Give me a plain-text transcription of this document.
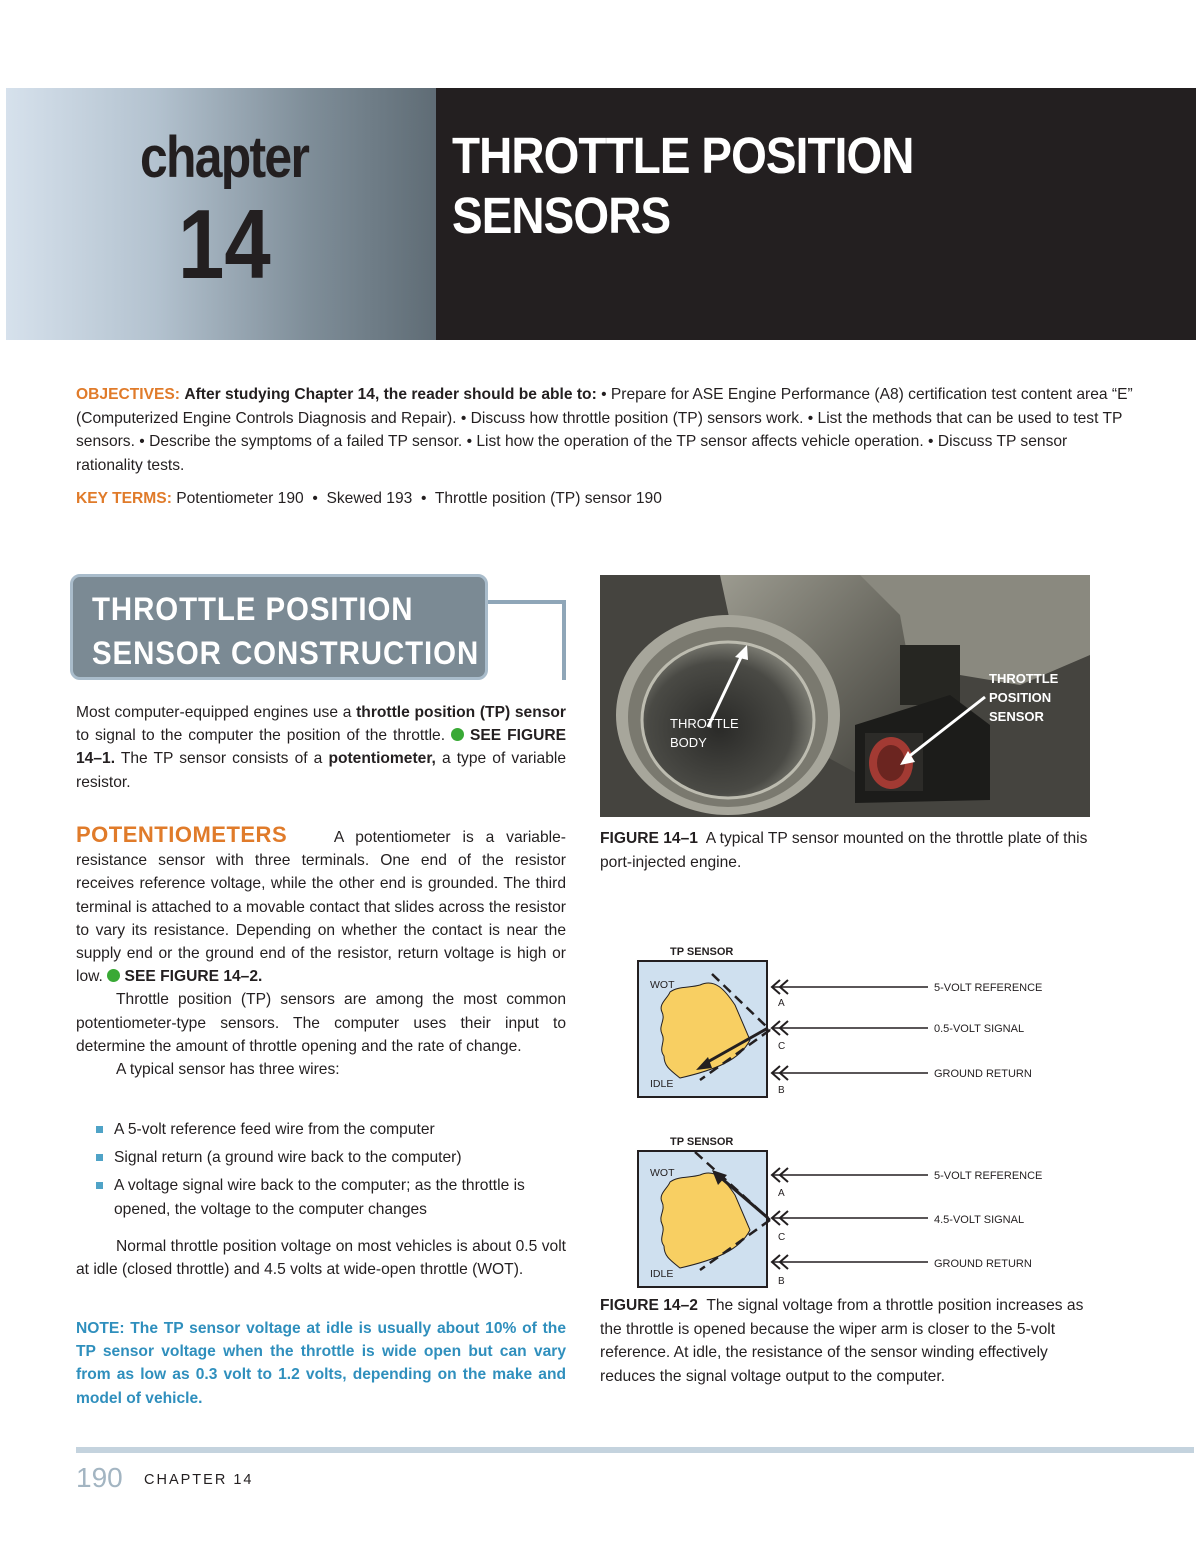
chapter
14
THROTTLE POSITION
SENSORS
OBJECTIVES: After studying Chapter 14, the reader should be able to: • Prepare for ASE Engine Performance (A8) certification test content area “E” (Computerized Engine Controls Diagnosis and Repair). • Discuss how throttle position (TP) sensors work. • List the methods that can be used to test TP sensors. • Describe the symptoms of a failed TP sensor. • List how the operation of the TP sensor affects vehicle operation. • Discuss TP sensor rationality tests.
KEY TERMS: Potentiometer 190  •  Skewed 193  •  Throttle position (TP) sensor 190
THROTTLE POSITION
SENSOR CONSTRUCTION
Most computer-equipped engines use a throttle position (TP) sensor to signal to the computer the position of the throttle.  SEE FIGURE 14–1. The TP sensor consists of a potentiometer, a type of variable resistor.
POTENTIOMETERS	A potentiometer is a variable-resistance sensor with three terminals. One end of the resistor receives reference voltage, while the other end is grounded. The third terminal is attached to a movable contact that slides across the resistor to vary its resistance. Depending on whether the contact is near the supply end or the ground end of the resistor, return voltage is high or low.  SEE FIGURE 14–2.
Throttle position (TP) sensors are among the most common potentiometer-type sensors. The computer uses their input to determine the amount of throttle opening and the rate of change.
A typical sensor has three wires:
A 5-volt reference feed wire from the computer
Signal return (a ground wire back to the computer)
A voltage signal wire back to the computer; as the throttle is opened, the voltage to the computer changes
Normal throttle position voltage on most vehicles is about 0.5 volt at idle (closed throttle) and 4.5 volts at wide-open throttle (WOT).
NOTE: The TP sensor voltage at idle is usually about 10% of the TP sensor voltage when the throttle is wide open but can vary from as low as 0.3 volt to 1.2 volts, depending on the make and model of vehicle.
THROTTLE
BODY
THROTTLE
POSITION
SENSOR
FIGURE 14–1 A typical TP sensor mounted on the throttle plate of this port-injected engine.
TP SENSOR
WOT
IDLE
A
C
B
5-VOLT REFERENCE
0.5-VOLT SIGNAL
GROUND RETURN
TP SENSOR
WOT
IDLE
A
C
B
5-VOLT REFERENCE
4.5-VOLT SIGNAL
GROUND RETURN
FIGURE 14–2 The signal voltage from a throttle position increases as the throttle is opened because the wiper arm is closer to the 5-volt reference. At idle, the resistance of the sensor winding effectively reduces the signal voltage output to the computer.
190 CHAPTER 14
